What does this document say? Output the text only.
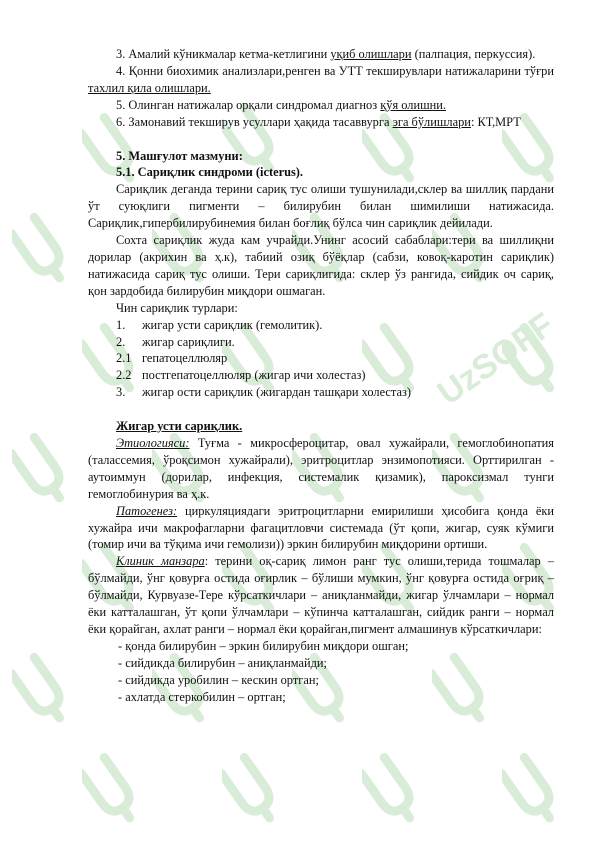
UzSOFF
3. Амалий кўникмалар кетма-кетлигини уқиб олишлари (палпация, перкуссия).
4. Қонни биохимик анализлари,ренген ва УТТ текширувлари натижаларини тўғри тахлил қила олишлари.
5. Олинган натижалар орқали синдромал диагноз қўя олишни.
6. Замонавий текширув усуллари ҳақида тасаввурга эга бўлишлари: КТ,МРТ
5. Машғулот мазмуни:
5.1. Сариқлик синдроми (icterus).
Сариқлик деганда терини сариқ тус олиши тушунилади,склер ва шиллиқ пардани ўт суюқлиги пигменти – билирубин билан шимилиши натижасида. Сариқлик,гипербилирубинемия билан боғлиқ бўлса чин сариқлик дейилади.
Сохта сариқлик жуда кам учрайди.Унинг асосий сабаблари:тери ва шиллиқни дорилар (акрихин ва ҳ.к), табиий озиқ бўёқлар (сабзи, ковоқ-каротин сариқлик) натижасида сариқ тус олиши. Тери сариқлигида: склер ўз рангида, сийдик оч сариқ, қон зардобида билирубин миқдори ошмаган.
Чин сариқлик турлари:
1.	жигар усти сариқлик (гемолитик).
2.	жигар сариқлиги.
2.1 гепатоцеллюляр
2.2 постгепатоцеллюляр (жигар ичи холестаз)
3.	жигар ости сариқлик (жигардан ташқари холестаз)
Жигар усти сариқлик.
Этиологияси: Туғма - микросфероцитар, овал хужайрали, гемоглобинопатия (талассемия, ўроқсимон хужайрали), эритроцитлар энзимопотияси. Орттирилган - аутоиммун (дорилар, инфекция, системалик қизамик), пароксизмал тунги гемоглобинурия ва ҳ.к.
Патогенез: циркуляциядаги эритроцитларни емирилиши ҳисобига қонда ёки хужайра ичи макрофагларни фагацитловчи системада (ўт қопи, жигар, суяк кўмиги (томир ичи ва тўқима ичи гемолизи)) эркин билирубин миқдорини ортиши.
Клиник манзара: терини оқ-сариқ лимон ранг тус олиши,терида тошмалар – бўлмайди, ўнг қовурға остида оғирлик – бўлиши мумкин, ўнг қовурға остида оғриқ – бўлмайди, Курвуазе-Тере кўрсаткичлари – аниқланмайди, жигар ўлчамлари – нормал ёки катталашган, ўт қопи ўлчамлари – кўпинча катталашган, сийдик ранги – нормал ёки қорайган, ахлат ранги – нормал ёки қорайган,пигмент алмашинув кўрсаткичлари:
- қонда билирубин – эркин билирубин миқдори ошган;
- сийдикда билирубин – аниқланмайди;
- сийдикда уробилин – кескин ортган;
- ахлатда стеркобилин – ортган;
